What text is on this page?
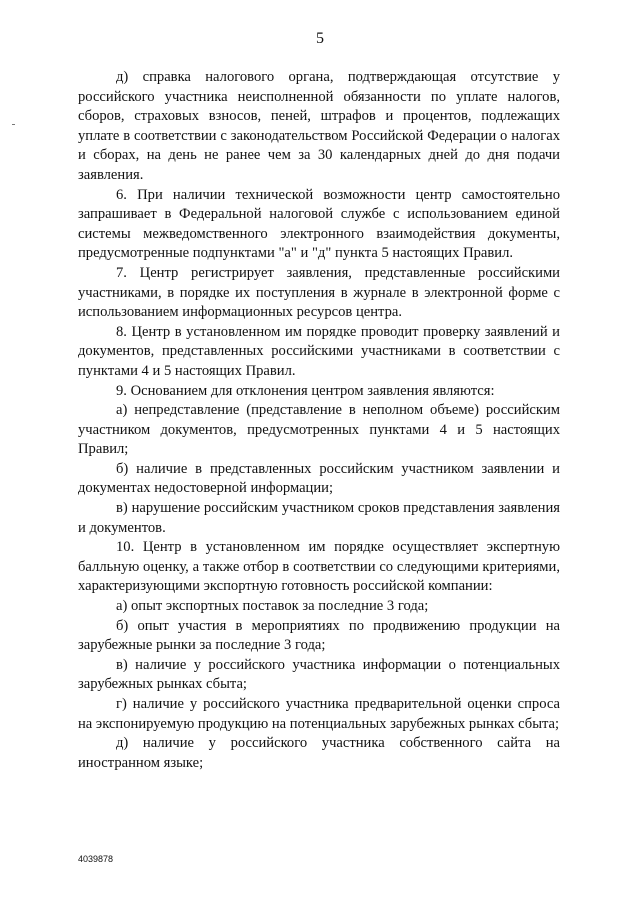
5

д) справка налогового органа, подтверждающая отсутствие у российского участника неисполненной обязанности по уплате налогов, сборов, страховых взносов, пеней, штрафов и процентов, подлежащих уплате в соответствии с законодательством Российской Федерации о налогах и сборах, на день не ранее чем за 30 календарных дней до дня подачи заявления.

6. При наличии технической возможности центр самостоятельно запрашивает в Федеральной налоговой службе с использованием единой системы межведомственного электронного взаимодействия документы, предусмотренные подпунктами "а" и "д" пункта 5 настоящих Правил.

7. Центр регистрирует заявления, представленные российскими участниками, в порядке их поступления в журнале в электронной форме с использованием информационных ресурсов центра.

8. Центр в установленном им порядке проводит проверку заявлений и документов, представленных российскими участниками в соответствии с пунктами 4 и 5 настоящих Правил.

9. Основанием для отклонения центром заявления являются:

а) непредставление (представление в неполном объеме) российским участником документов, предусмотренных пунктами 4 и 5 настоящих Правил;

б) наличие в представленных российским участником заявлении и документах недостоверной информации;

в) нарушение российским участником сроков представления заявления и документов.

10. Центр в установленном им порядке осуществляет экспертную балльную оценку, а также отбор в соответствии со следующими критериями, характеризующими экспортную готовность российской компании:

а) опыт экспортных поставок за последние 3 года;

б) опыт участия в мероприятиях по продвижению продукции на зарубежные рынки за последние 3 года;

в) наличие у российского участника информации о потенциальных зарубежных рынках сбыта;

г) наличие у российского участника предварительной оценки спроса на экспонируемую продукцию на потенциальных зарубежных рынках сбыта;

д) наличие у российского участника собственного сайта на иностранном языке;

4039878
